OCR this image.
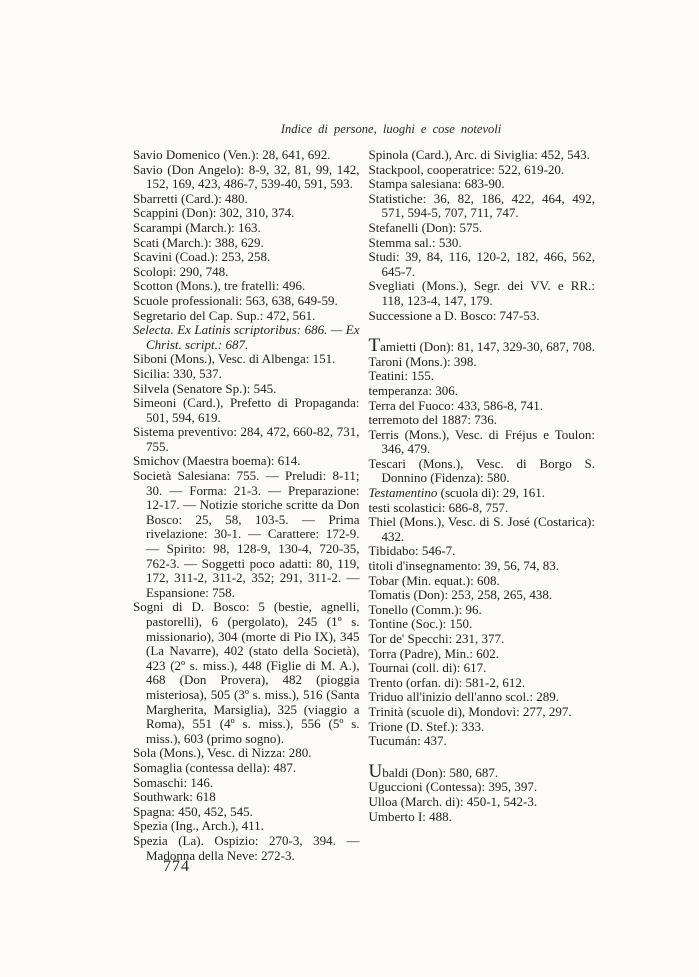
Indice di persone, luoghi e cose notevoli

Savio Domenico (Ven.): 28, 641, 692.

Savio (Don Angelo): 8-9, 32, 81, 99, 142, 152, 169, 423, 486-7, 539-40, 591, 593.

Sbarretti (Card.): 480.

Scappini (Don): 302, 310, 374.

Scarampi (March.): 163.

Scati (March.): 388, 629.

Scavini (Coad.): 253, 258.

Scolopi: 290, 748.

Scotton (Mons.), tre fratelli: 496.

Scuole professionali: 563, 638, 649-59.

Segretario del Cap. Sup.: 472, 561.

Selecta. Ex Latinis scriptoribus: 686. — Ex Christ. script.: 687.

Siboni (Mons.), Vesc. di Albenga: 151.

Sicilia: 330, 537.

Silvela (Senatore Sp.): 545.

Simeoni (Card.), Prefetto di Propaganda: 501, 594, 619.

Sistema preventivo: 284, 472, 660-82, 731, 755.

Smichov (Maestra boema): 614.

Società Salesiana: 755. — Preludi: 8-11; 30. — Forma: 21-3. — Preparazione: 12-17. — Notizie storiche scritte da Don Bosco: 25, 58, 103-5. — Prima rivelazione: 30-1. — Carattere: 172-9. — Spirito: 98, 128-9, 130-4, 720-35, 762-3. — Soggetti poco adatti: 80, 119, 172, 311-2, 311-2, 352; 291, 311-2. — Espansione: 758.

Sogni di D. Bosco: 5 (bestie, agnelli, pastorelli), 6 (pergolato), 245 (1º s. missionario), 304 (morte di Pio IX), 345 (La Navarre), 402 (stato della Società), 423 (2º s. miss.), 448 (Figlie di M. A.), 468 (Don Provera), 482 (pioggia misteriosa), 505 (3º s. miss.), 516 (Santa Margherita, Marsiglia), 325 (viaggio a Roma), 551 (4º s. miss.), 556 (5º s. miss.), 603 (primo sogno).

Sola (Mons.), Vesc. di Nizza: 280.

Somaglia (contessa della): 487.

Somaschi: 146.

Southwark: 618

Spagna: 450, 452, 545.

Spezia (Ing., Arch.), 411.

Spezia (La). Ospizio: 270-3, 394. — Madonna della Neve: 272-3.

Spinola (Card.), Arc. di Siviglia: 452, 543.

Stackpool, cooperatrice: 522, 619-20.

Stampa salesiana: 683-90.

Statistiche: 36, 82, 186, 422, 464, 492, 571, 594-5, 707, 711, 747.

Stefanelli (Don): 575.

Stemma sal.: 530.

Studi: 39, 84, 116, 120-2, 182, 466, 562, 645-7.

Svegliati (Mons.), Segr. dei VV. e RR.: 118, 123-4, 147, 179.

Successione a D. Bosco: 747-53.

Tamietti (Don): 81, 147, 329-30, 687, 708.

Taroni (Mons.): 398.

Teatini: 155.

temperanza: 306.

Terra del Fuoco: 433, 586-8, 741.

terremoto del 1887: 736.

Terris (Mons.), Vesc. di Fréjus e Toulon: 346, 479.

Tescari (Mons.), Vesc. di Borgo S. Donnino (Fidenza): 580.

Testamentino (scuola di): 29, 161.

testi scolastici: 686-8, 757.

Thiel (Mons.), Vesc. di S. José (Costarica): 432.

Tibidabo: 546-7.

titoli d'insegnamento: 39, 56, 74, 83.

Tobar (Min. equat.): 608.

Tomatis (Don): 253, 258, 265, 438.

Tonello (Comm.): 96.

Tontine (Soc.): 150.

Tor de' Specchi: 231, 377.

Torra (Padre), Min.: 602.

Tournai (coll. di): 617.

Trento (orfan. di): 581-2, 612.

Triduo all'inizio dell'anno scol.: 289.

Trinità (scuole di), Mondovì: 277, 297.

Trione (D. Stef.): 333.

Tucumán: 437.

Ubaldi (Don): 580, 687.

Uguccioni (Contessa): 395, 397.

Ulloa (March. di): 450-1, 542-3.

Umberto I: 488.

774
